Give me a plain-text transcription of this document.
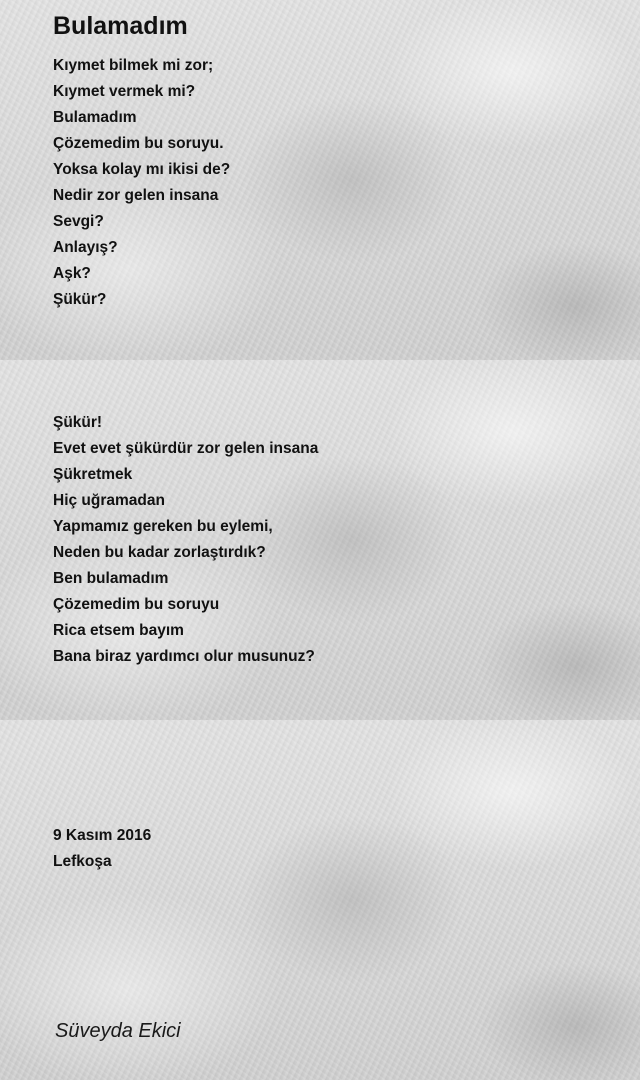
Bulamadım
Kıymet bilmek mi zor;
Kıymet vermek mi?
Bulamadım
Çözemedim bu soruyu.
Yoksa kolay mı ikisi de?
Nedir zor gelen insana
Sevgi?
Anlayış?
Aşk?
Şükür?
Şükür!
Evet evet şükürdür zor gelen insana
Şükretmek
Hiç uğramadan
Yapmamız gereken bu eylemi,
Neden bu kadar zorlaştırdık?
Ben bulamadım
Çözemedim bu soruyu
Rica etsem bayım
Bana biraz yardımcı olur musunuz?
9 Kasım 2016
Lefkoşa
Süveyda Ekici
